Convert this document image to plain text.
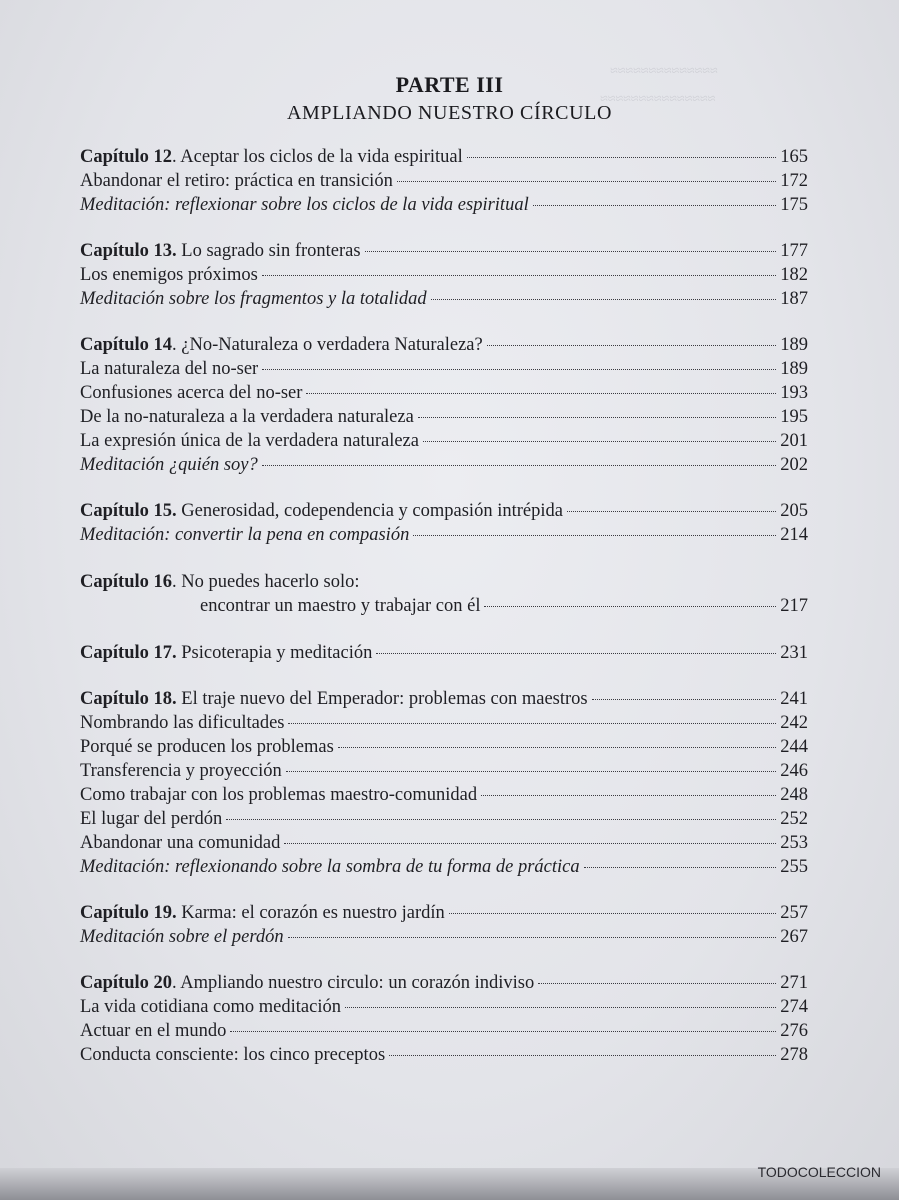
≈≈≈≈≈≈≈≈≈≈≈≈≈≈
≈≈≈≈≈≈≈≈≈≈≈≈≈≈≈
PARTE III
AMPLIANDO NUESTRO CÍRCULO
Capítulo 12. Aceptar los ciclos de la vida espiritual	165
Abandonar el retiro: práctica en transición	172
Meditación: reflexionar sobre los ciclos de la vida espiritual	175
Capítulo 13. Lo sagrado sin fronteras	177
Los enemigos próximos	182
Meditación sobre los fragmentos y la totalidad	187
Capítulo 14. ¿No-Naturaleza o verdadera Naturaleza?	189
La naturaleza del no-ser	189
Confusiones acerca del no-ser	193
De la no-naturaleza a la verdadera naturaleza	195
La expresión única de la verdadera naturaleza	201
Meditación ¿quién soy?	202
Capítulo 15. Generosidad, codependencia y compasión intrépida	205
Meditación: convertir la pena en compasión	214
Capítulo 16. No puedes hacerlo solo:
encontrar un maestro y trabajar con él	217
Capítulo 17. Psicoterapia y meditación	231
Capítulo 18. El traje nuevo del Emperador: problemas con maestros	241
Nombrando las dificultades	242
Porqué se producen los problemas	244
Transferencia y proyección	246
Como trabajar con los problemas maestro-comunidad	248
El lugar del perdón	252
Abandonar una comunidad	253
Meditación: reflexionando sobre la sombra de tu forma de práctica	255
Capítulo 19. Karma: el corazón es nuestro jardín	257
Meditación sobre el perdón	267
Capítulo 20. Ampliando nuestro circulo: un corazón indiviso	271
La vida cotidiana como meditación	274
Actuar en el mundo	276
Conducta consciente: los cinco preceptos	278
TODOCOLECCION
